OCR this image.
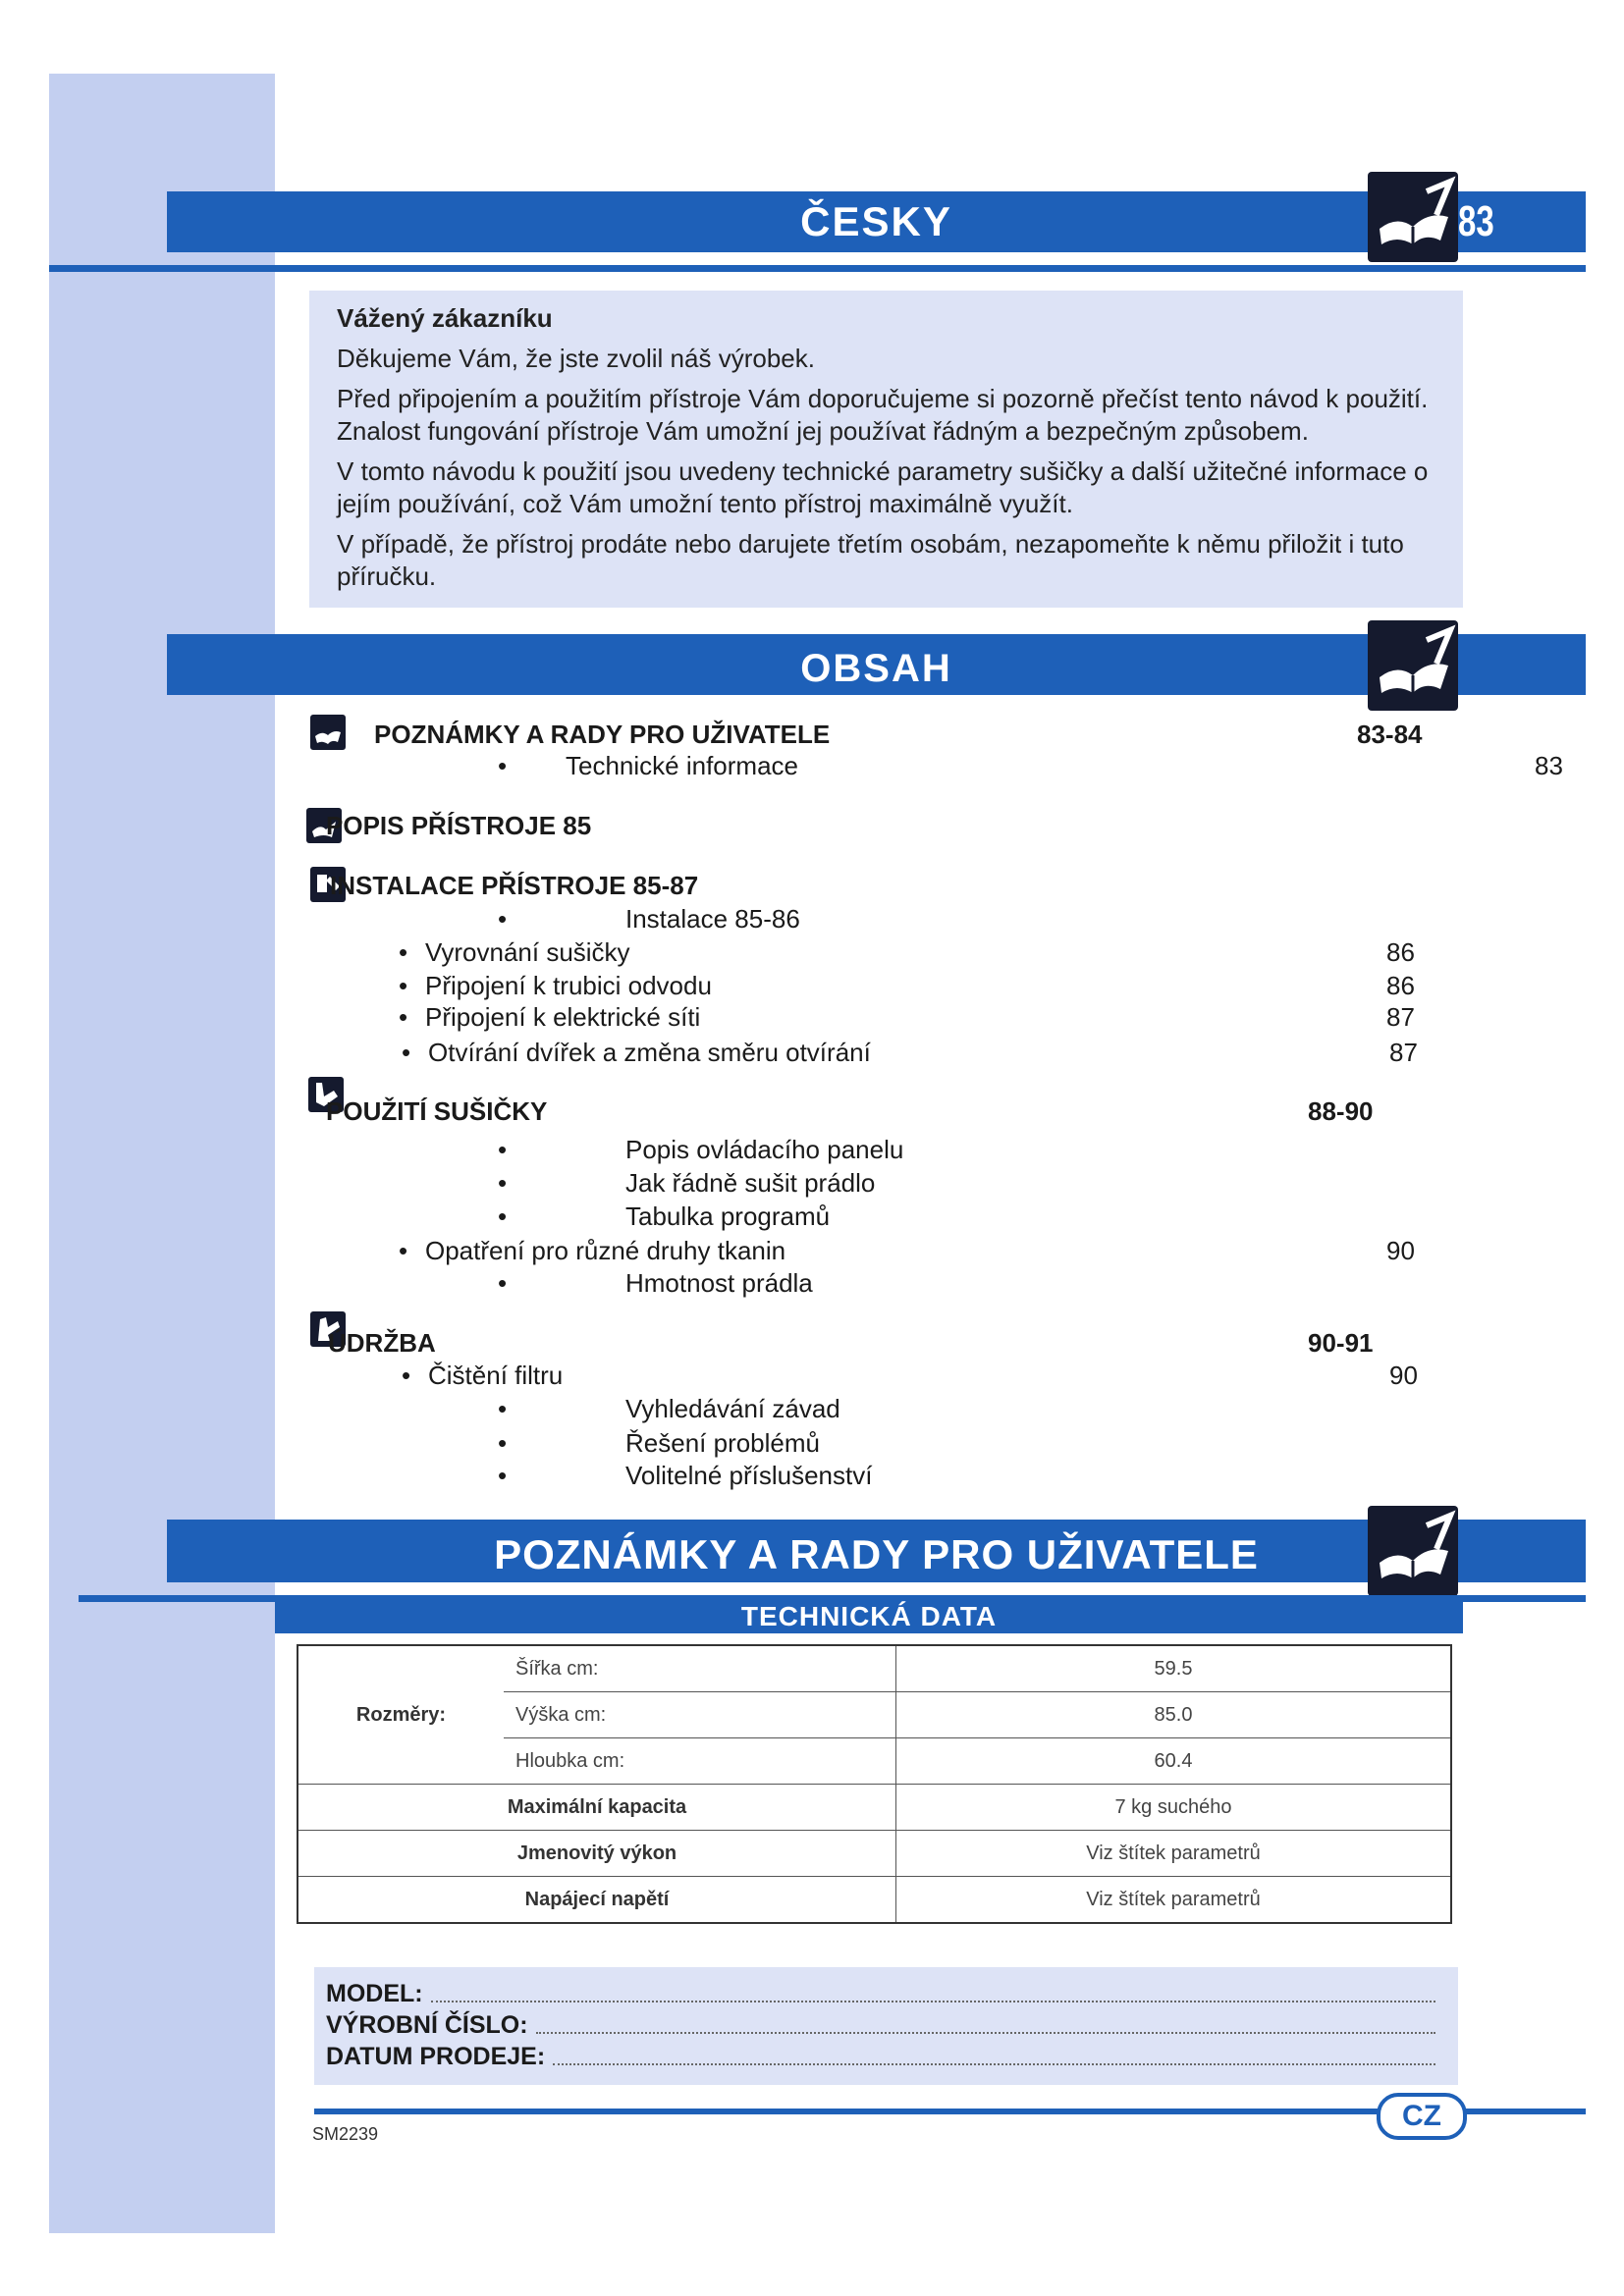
ČESKY	83

Vážený zákazníku

Děkujeme Vám, že jste zvolil náš výrobek.

Před připojením a použitím přístroje Vám doporučujeme si pozorně přečíst tento návod k použití. Znalost fungování přístroje Vám umožní jej používat řádným a bezpečným způsobem.

V tomto návodu k použití jsou uvedeny technické parametry sušičky a další užitečné informace o jejím používání, což Vám umožní tento přístroj maximálně využít.

V případě, že přístroj prodáte nebo darujete třetím osobám, nezapomeňte k němu přiložit i tuto příručku.

OBSAH
POZNÁMKY A RADY PRO UŽIVATELE	83-84
• Technické informace	83
POPIS PŘÍSTROJE 85
INSTALACE PŘÍSTROJE 85-87
•	Instalace 85-86
• Vyrovnání sušičky	86
• Připojení k trubici odvodu	86
• Připojení k elektrické síti	87
• Otvírání dvířek a změna směru otvírání	87
POUŽITÍ SUŠIČKY	88-90
•	Popis ovládacího panelu
•	Jak řádně sušit prádlo
•	Tabulka programů
• Opatření pro různé druhy tkanin	90
•	Hmotnost prádla
ÚDRŽBA	90-91
• Čištění filtru	90
•	Vyhledávání závad
•	Řešení problémů
•	Volitelné příslušenství
POZNÁMKY A RADY PRO UŽIVATELE
TECHNICKÁ DATA
Rozměry:	Šířka cm:	59.5
	Výška cm:	85.0
	Hloubka cm:	60.4
Maximální kapacita		7 kg suchého
Jmenovitý výkon		Viz štítek parametrů
Napájecí napětí		Viz štítek parametrů
MODEL:
VÝROBNÍ ČÍSLO:
DATUM PRODEJE:
CZ
SM2239
